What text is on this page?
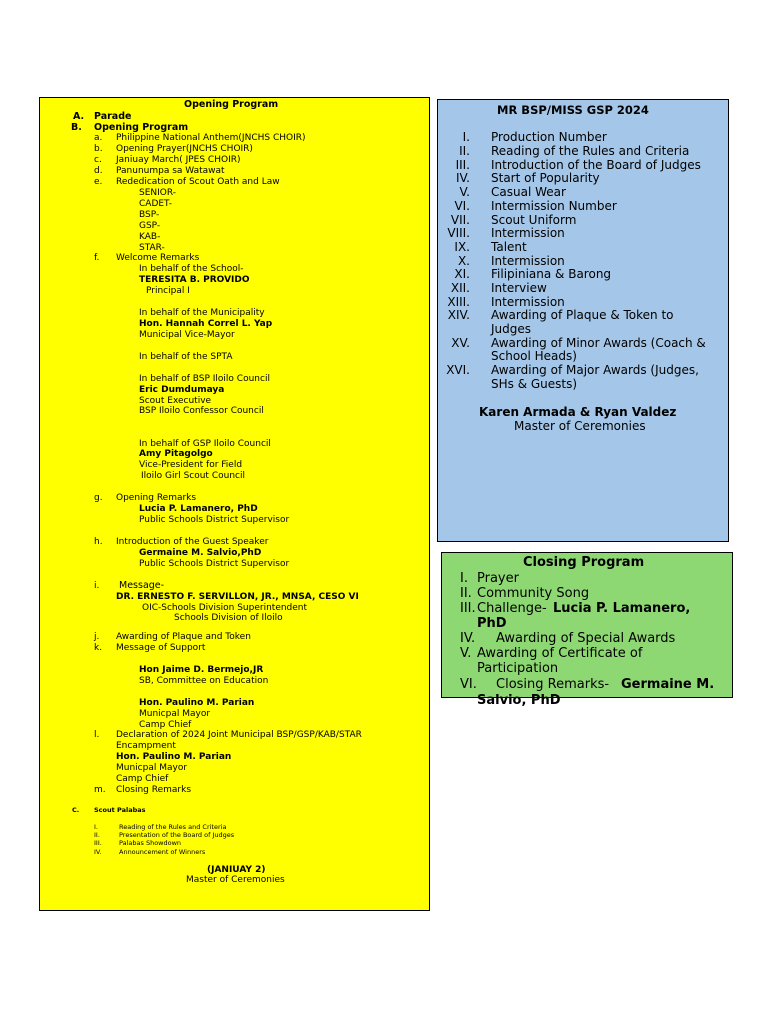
Opening Program
A. Parade
B. Opening Program
a. Philippine National Anthem(JNCHS CHOIR)
b. Opening Prayer(JNCHS CHOIR)
c. Janiuay March( JPES CHOIR)
d. Panunumpa sa Watawat
e. Rededication of Scout Oath and Law
SENIOR-
CADET-
BSP-
GSP-
KAB-
STAR-
f. Welcome Remarks
In behalf of the School-
TERESITA B. PROVIDO
Principal I
In behalf of the Municipality
Hon. Hannah Correl L. Yap
Municipal Vice-Mayor
In behalf of the SPTA
In behalf of BSP Iloilo Council
Eric Dumdumaya
Scout Executive
BSP Iloilo Confessor Council
In behalf of GSP Iloilo Council
Amy Pitagolgo
Vice-President for Field
Iloilo Girl Scout Council
g. Opening Remarks
Lucia P. Lamanero, PhD
Public Schools District Supervisor
h. Introduction of the Guest Speaker
Germaine M. Salvio,PhD
Public Schools District Supervisor
i. Message-
DR. ERNESTO F. SERVILLON, JR., MNSA, CESO VI
OIC-Schools Division Superintendent
Schools Division of Iloilo
j. Awarding of Plaque and Token
k. Message of Support
Hon Jaime D. Bermejo,JR
SB, Committee on Education
Hon. Paulino M. Parian
Municpal Mayor
Camp Chief
l. Declaration of 2024 Joint Municipal BSP/GSP/KAB/STAR
Encampment
Hon. Paulino M. Parian
Municpal Mayor
Camp Chief
m. Closing Remarks
C. Scout Palabas
I.	Reading of the Rules and Criteria
II.	Presentation of the Board of Judges
III.	Palabas Showdown
IV.	Announcement of Winners
(JANIUAY 2)
Master of Ceremonies
MR BSP/MISS GSP 2024
I. Production Number
II. Reading of the Rules and Criteria
III. Introduction of the Board of Judges
IV. Start of Popularity
V. Casual Wear
VI. Intermission Number
VII. Scout Uniform
VIII. Intermission
IX. Talent
X. Intermission
XI. Filipiniana & Barong
XII. Interview
XIII. Intermission
XIV. Awarding of Plaque & Token to
Judges
XV. Awarding of Minor Awards (Coach &
School Heads)
XVI. Awarding of Major Awards (Judges,
SHs & Guests)
Karen Armada & Ryan Valdez
Master of Ceremonies
Closing Program
I. Prayer
II. Community Song
III. Challenge- Lucia P. Lamanero,
PhD
IV. Awarding of Special Awards
V. Awarding of Certificate of
Participation
VI. Closing Remarks- Germaine M.
Salvio, PhD
